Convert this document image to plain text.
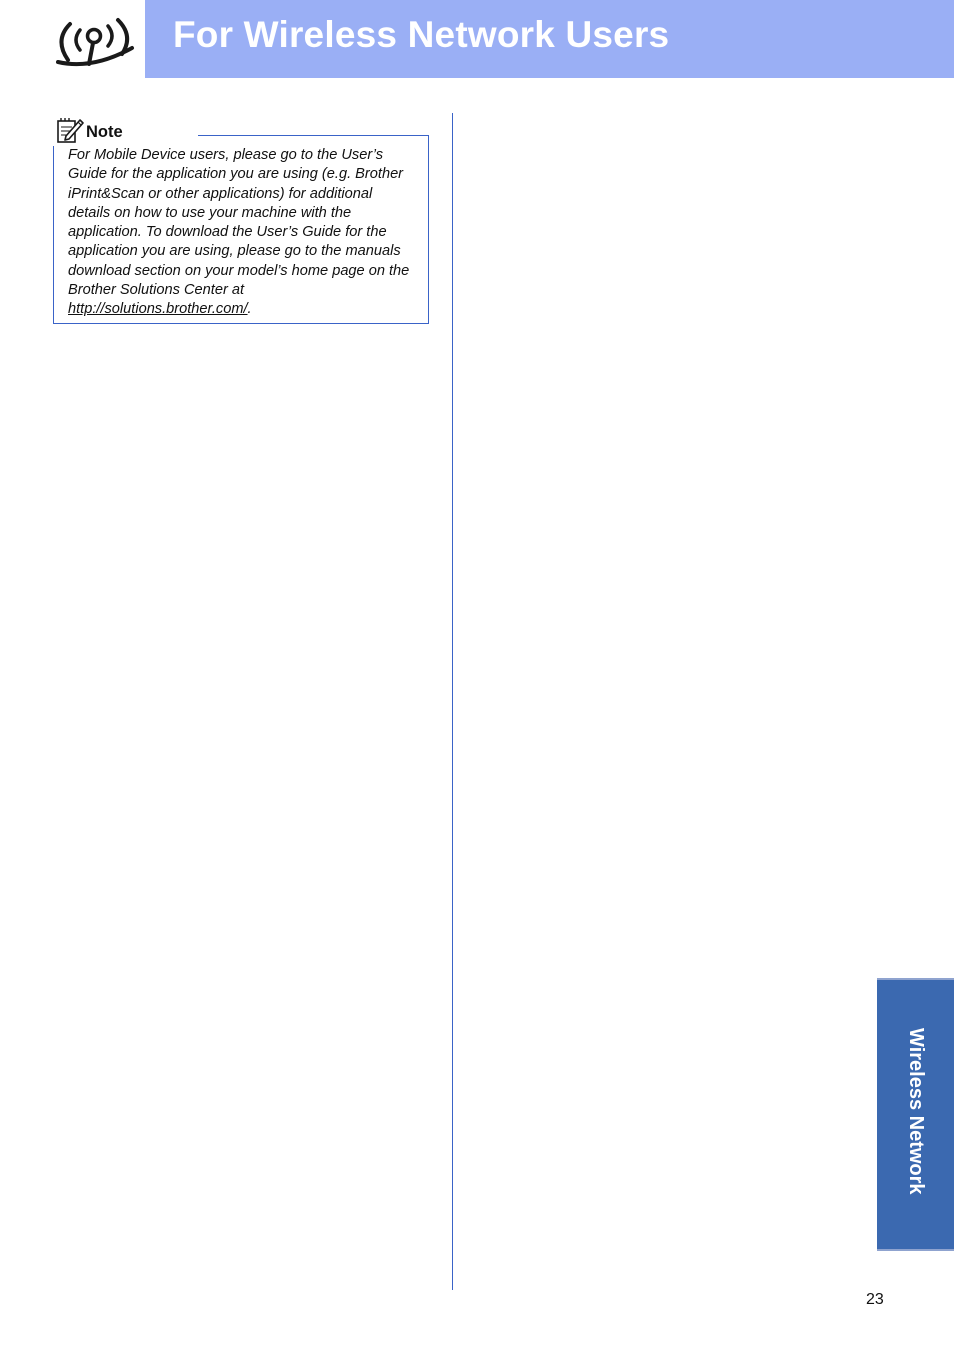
For Wireless Network Users

Note

For Mobile Device users, please go to the User’s Guide for the application you are using (e.g. Brother iPrint&Scan or other applications) for additional details on how to use your machine with the application. To download the User’s Guide for the application you are using, please go to the manuals download section on your model’s home page on the Brother Solutions Center at http://solutions.brother.com/.

Wireless Network

23
